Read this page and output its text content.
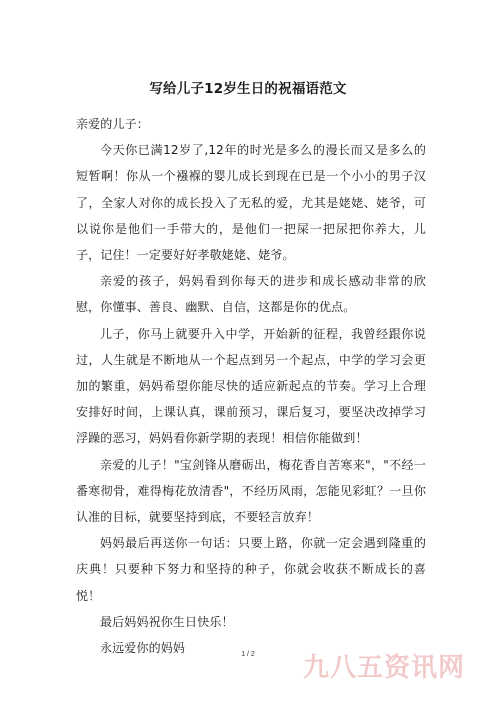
写给儿子12岁生日的祝福语范文

亲爱的儿子：

今天你已满12岁了,12年的时光是多么的漫长而又是多么的短暂啊！你从一个襁褓的婴儿成长到现在已是一个小小的男子汉了，全家人对你的成长投入了无私的爱，尤其是姥姥、姥爷，可以说你是他们一手带大的，是他们一把屎一把尿把你养大，儿子，记住！一定要好好孝敬姥姥、姥爷。

亲爱的孩子，妈妈看到你每天的进步和成长感动非常的欣慰，你懂事、善良、幽默、自信，这都是你的优点。

儿子，你马上就要升入中学，开始新的征程，我曾经跟你说过，人生就是不断地从一个起点到另一个起点，中学的学习会更加的繁重，妈妈希望你能尽快的适应新起点的节奏。学习上合理安排好时间，上课认真，课前预习，课后复习，要坚决改掉学习浮躁的恶习，妈妈看你新学期的表现！相信你能做到！

亲爱的儿子！"宝剑锋从磨砺出，梅花香自苦寒来"，"不经一番寒彻骨，难得梅花放清香"，不经历风雨，怎能见彩虹？一旦你认准的目标，就要坚持到底，不要轻言放弃！

妈妈最后再送你一句话：只要上路，你就一定会遇到隆重的庆典！只要种下努力和坚持的种子，你就会收获不断成长的喜悦！

最后妈妈祝你生日快乐！

永远爱你的妈妈	1 / 2	九八五资讯网
